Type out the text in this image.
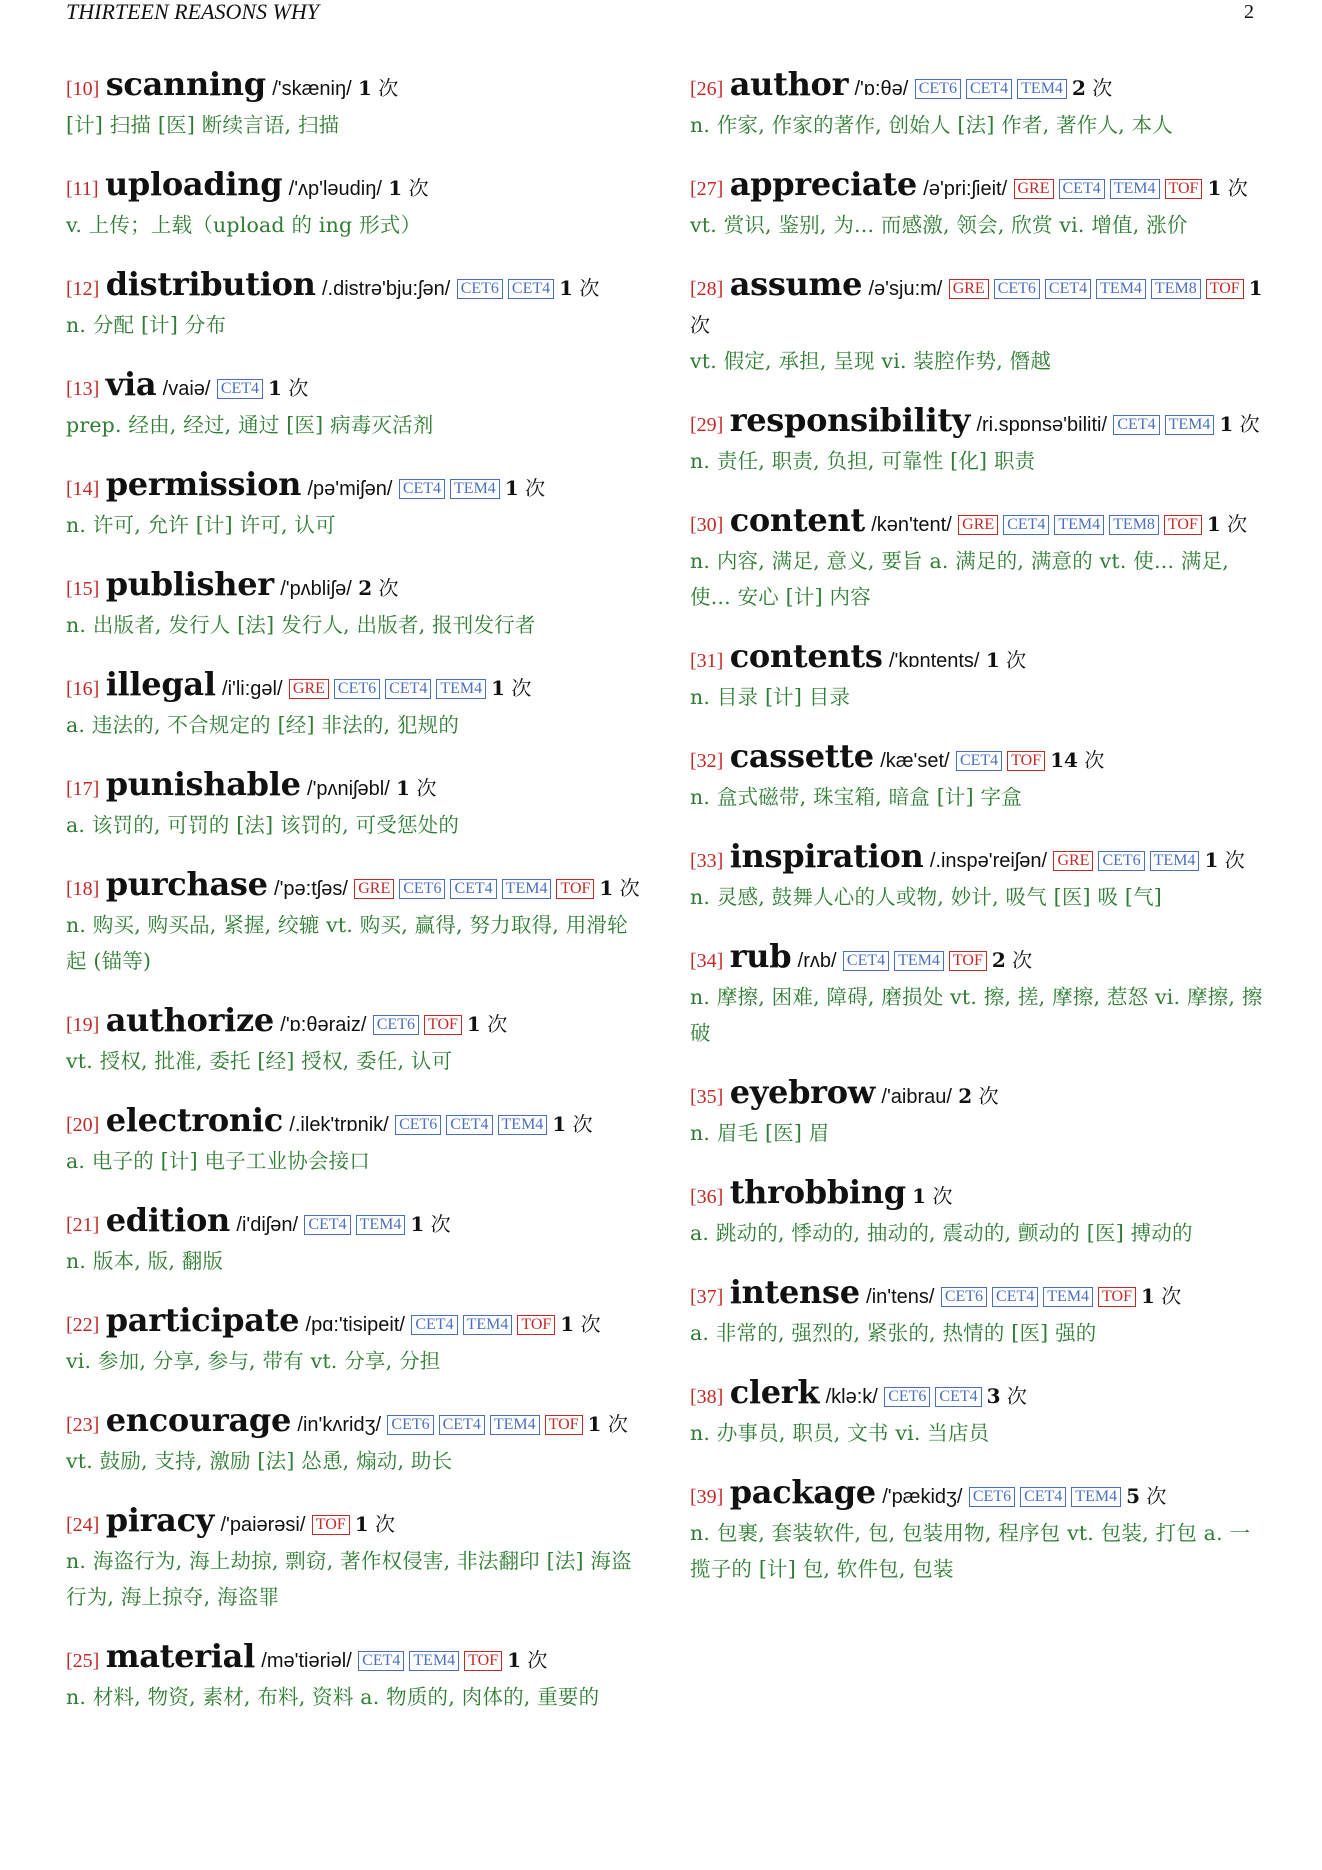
THIRTEEN REASONS WHY	2
[10] scanning /'skæniŋ/ 1 次
[计] 扫描 [医] 断续言语, 扫描
[11] uploading /'ʌp'ləudiŋ/ 1 次
v. 上传；上载（upload 的 ing 形式）
[12] distribution /.distrə'bju:ʃən/ CET6 CET4 1 次
n. 分配 [计] 分布
[13] via /vaiə/ CET4 1 次
prep. 经由, 经过, 通过 [医] 病毒灭活剂
[14] permission /pə'miʃən/ CET4 TEM4 1 次
n. 许可, 允许 [计] 许可, 认可
[15] publisher /'pʌbliʃə/ 2 次
n. 出版者, 发行人 [法] 发行人, 出版者, 报刊发行者
[16] illegal /i'li:gəl/ GRE CET6 CET4 TEM4 1 次
a. 违法的, 不合规定的 [经] 非法的, 犯规的
[17] punishable /'pʌniʃəbl/ 1 次
a. 该罚的, 可罚的 [法] 该罚的, 可受惩处的
[18] purchase /'pə:tʃəs/ GRE CET6 CET4 TEM4 TOF 1 次
n. 购买, 购买品, 紧握, 绞辘 vt. 购买, 赢得, 努力取得, 用滑轮起 (锚等)
[19] authorize /'ɒ:θəraiz/ CET6 TOF 1 次
vt. 授权, 批准, 委托 [经] 授权, 委任, 认可
[20] electronic /.ilek'trɒnik/ CET6 CET4 TEM4 1 次
a. 电子的 [计] 电子工业协会接口
[21] edition /i'diʃən/ CET4 TEM4 1 次
n. 版本, 版, 翻版
[22] participate /pɑ:'tisipeit/ CET4 TEM4 TOF 1 次
vi. 参加, 分享, 参与, 带有 vt. 分享, 分担
[23] encourage /in'kʌridʒ/ CET6 CET4 TEM4 TOF 1 次
vt. 鼓励, 支持, 激励 [法] 怂恿, 煽动, 助长
[24] piracy /'paiərəsi/ TOF 1 次
n. 海盗行为, 海上劫掠, 剽窃, 著作权侵害, 非法翻印 [法] 海盗行为, 海上掠夺, 海盗罪
[25] material /mə'tiəriəl/ CET4 TEM4 TOF 1 次
n. 材料, 物资, 素材, 布料, 资料 a. 物质的, 肉体的, 重要的
[26] author /'ɒ:θə/ CET6 CET4 TEM4 2 次
n. 作家, 作家的著作, 创始人 [法] 作者, 著作人, 本人
[27] appreciate /ə'pri:ʃieit/ GRE CET4 TEM4 TOF 1 次
vt. 赏识, 鉴别, 为... 而感激, 领会, 欣赏 vi. 增值, 涨价
[28] assume /ə'sju:m/ GRE CET6 CET4 TEM4 TEM8 TOF 1 次
vt. 假定, 承担, 呈现 vi. 装腔作势, 僭越
[29] responsibility /ri.spɒnsə'biliti/ CET4 TEM4 1 次
n. 责任, 职责, 负担, 可靠性 [化] 职责
[30] content /kən'tent/ GRE CET4 TEM4 TEM8 TOF 1 次
n. 内容, 满足, 意义, 要旨 a. 满足的, 满意的 vt. 使... 满足, 使... 安心 [计] 内容
[31] contents /'kɒntents/ 1 次
n. 目录 [计] 目录
[32] cassette /kæ'set/ CET4 TOF 14 次
n. 盒式磁带, 珠宝箱, 暗盒 [计] 字盒
[33] inspiration /.inspə'reiʃən/ GRE CET6 TEM4 1 次
n. 灵感, 鼓舞人心的人或物, 妙计, 吸气 [医] 吸 [气]
[34] rub /rʌb/ CET4 TEM4 TOF 2 次
n. 摩擦, 困难, 障碍, 磨损处 vt. 擦, 搓, 摩擦, 惹怒 vi. 摩擦, 擦破
[35] eyebrow /'aibrau/ 2 次
n. 眉毛 [医] 眉
[36] throbbing 1 次
a. 跳动的, 悸动的, 抽动的, 震动的, 颤动的 [医] 搏动的
[37] intense /in'tens/ CET6 CET4 TEM4 TOF 1 次
a. 非常的, 强烈的, 紧张的, 热情的 [医] 强的
[38] clerk /klə:k/ CET6 CET4 3 次
n. 办事员, 职员, 文书 vi. 当店员
[39] package /'pækidʒ/ CET6 CET4 TEM4 5 次
n. 包裹, 套装软件, 包, 包装用物, 程序包 vt. 包装, 打包 a. 一揽子的 [计] 包, 软件包, 包装
